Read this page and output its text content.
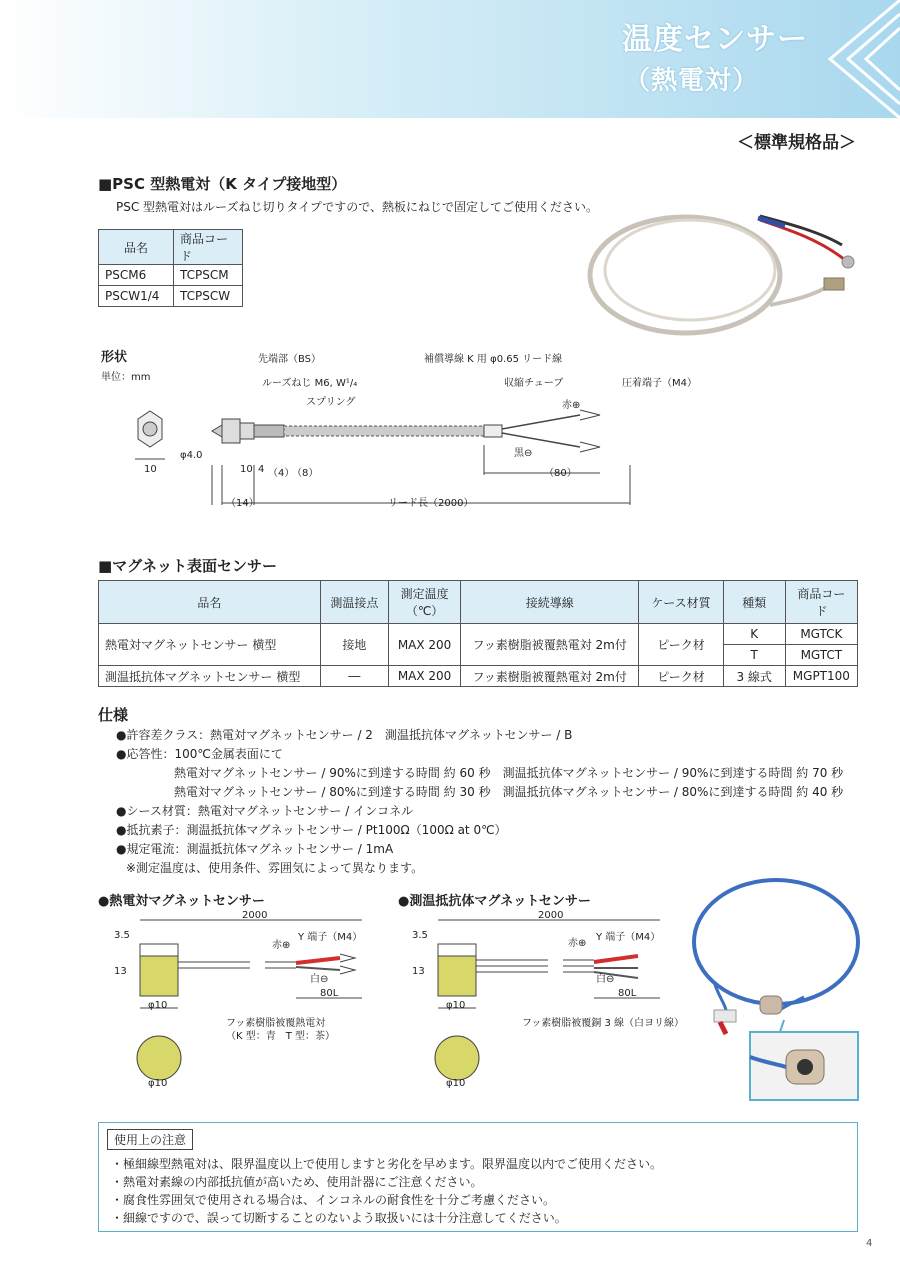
温度センサー
（熱電対）
＜標準規格品＞
■PSC 型熱電対（K タイプ接地型）
PSC 型熱電対はルーズねじ切りタイプですので、熱板にねじで固定してご使用ください。
品名	商品コード
PSCM6	TCPSCM
PSCW1/4	TCPSCW
形状
単位：mm
先端部（BS）
ルーズねじ M6, W¹/₄
スプリング
補償導線 K 用 φ0.65 リード線
収縮チューブ	圧着端子（M4）
赤⊕
黒⊖
φ4.0
10	10 4 （4）
（8）	（80）
（14）	リード長（2000）
■マグネット表面センサー
品名	測温接点	測定温度（℃）	接続導線	ケース材質	種類	商品コード
熱電対マグネットセンサー 横型	接地	MAX 200	フッ素樹脂被覆熱電対 2m付	ピーク材	K	MGTCK
					T	MGTCT
測温抵抗体マグネットセンサー 横型	―	MAX 200	フッ素樹脂被覆熱電対 2m付	ピーク材	3 線式	MGPT100
仕様
●許容差クラス：熱電対マグネットセンサー / 2　測温抵抗体マグネットセンサー / B
●応答性：100℃金属表面にて
熱電対マグネットセンサー / 90%に到達する時間 約 60 秒　測温抵抗体マグネットセンサー / 90%に到達する時間 約 70 秒
熱電対マグネットセンサー / 80%に到達する時間 約 30 秒　測温抵抗体マグネットセンサー / 80%に到達する時間 約 40 秒
●シース材質：熱電対マグネットセンサー / インコネル
●抵抗素子：測温抵抗体マグネットセンサー / Pt100Ω（100Ω at 0℃）
●規定電流：測温抵抗体マグネットセンサー / 1mA
※測定温度は、使用条件、雰囲気によって異なります。
●熱電対マグネットセンサー
2000
3.5
13
Y 端子（M4）
赤⊕
白⊖
80L
φ10
フッ素樹脂被覆熱電対
（K 型：青　T 型：茶）
φ10
●測温抵抗体マグネットセンサー
2000
3.5
13
Y 端子（M4）
赤⊕
白⊖
80L
φ10
フッ素樹脂被覆銅 3 線（白ヨリ線）
φ10
使用上の注意
・極細線型熱電対は、限界温度以上で使用しますと劣化を早めます。限界温度以内でご使用ください。
・熱電対素線の内部抵抗値が高いため、使用計器にご注意ください。
・腐食性雰囲気で使用される場合は、インコネルの耐食性を十分ご考慮ください。
・細線ですので、誤って切断することのないよう取扱いには十分注意してください。
4
